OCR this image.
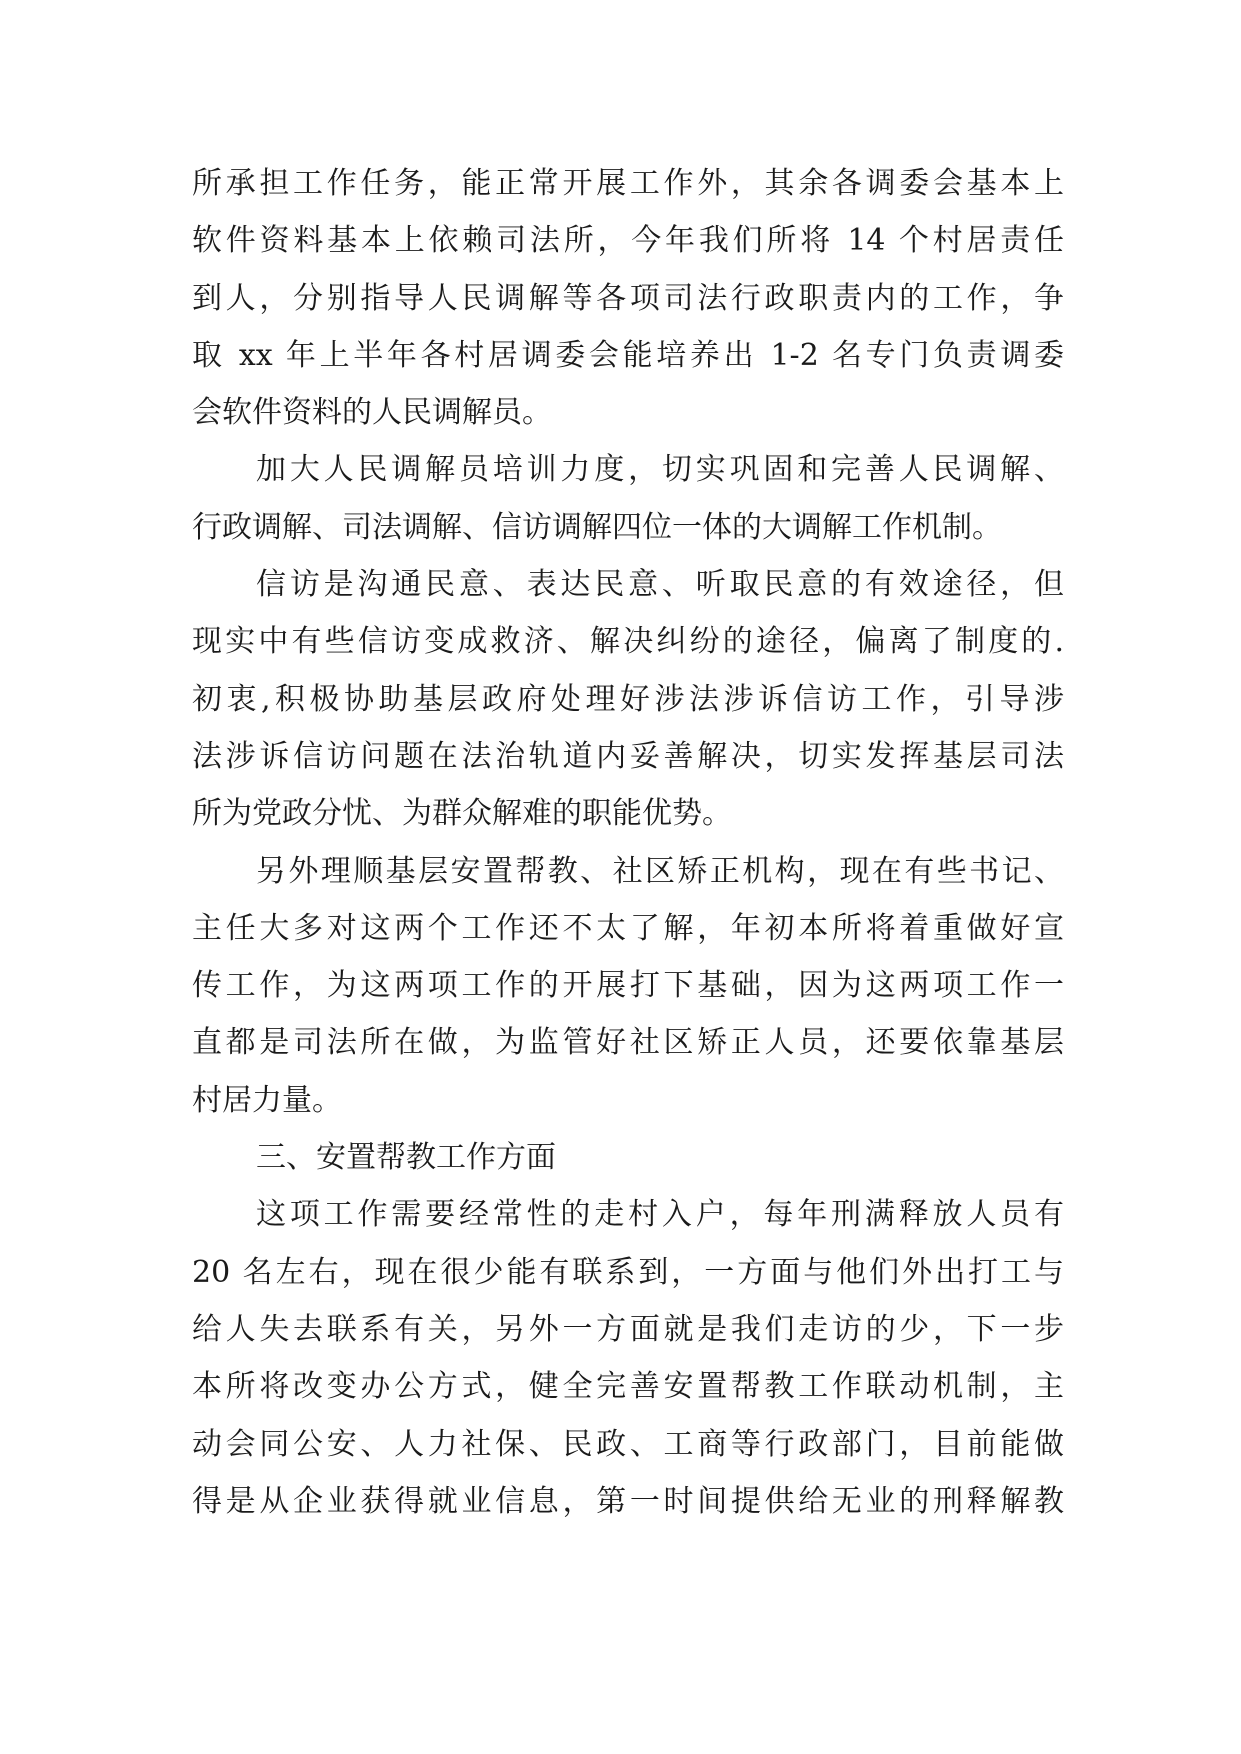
所承担工作任务，能正常开展工作外，其余各调委会基本上
软件资料基本上依赖司法所，今年我们所将 14 个村居责任
到人，分别指导人民调解等各项司法行政职责内的工作，争
取 xx 年上半年各村居调委会能培养出 1-2 名专门负责调委
会软件资料的人民调解员。
加大人民调解员培训力度，切实巩固和完善人民调解、
行政调解、司法调解、信访调解四位一体的大调解工作机制。
信访是沟通民意、表达民意、听取民意的有效途径，但
现实中有些信访变成救济、解决纠纷的途径，偏离了制度的.
初衷,积极协助基层政府处理好涉法涉诉信访工作，引导涉
法涉诉信访问题在法治轨道内妥善解决，切实发挥基层司法
所为党政分忧、为群众解难的职能优势。
另外理顺基层安置帮教、社区矫正机构，现在有些书记、
主任大多对这两个工作还不太了解，年初本所将着重做好宣
传工作，为这两项工作的开展打下基础，因为这两项工作一
直都是司法所在做，为监管好社区矫正人员，还要依靠基层
村居力量。
三、安置帮教工作方面
这项工作需要经常性的走村入户，每年刑满释放人员有
20 名左右，现在很少能有联系到，一方面与他们外出打工与
给人失去联系有关，另外一方面就是我们走访的少，下一步
本所将改变办公方式，健全完善安置帮教工作联动机制，主
动会同公安、人力社保、民政、工商等行政部门，目前能做
得是从企业获得就业信息，第一时间提供给无业的刑释解教
